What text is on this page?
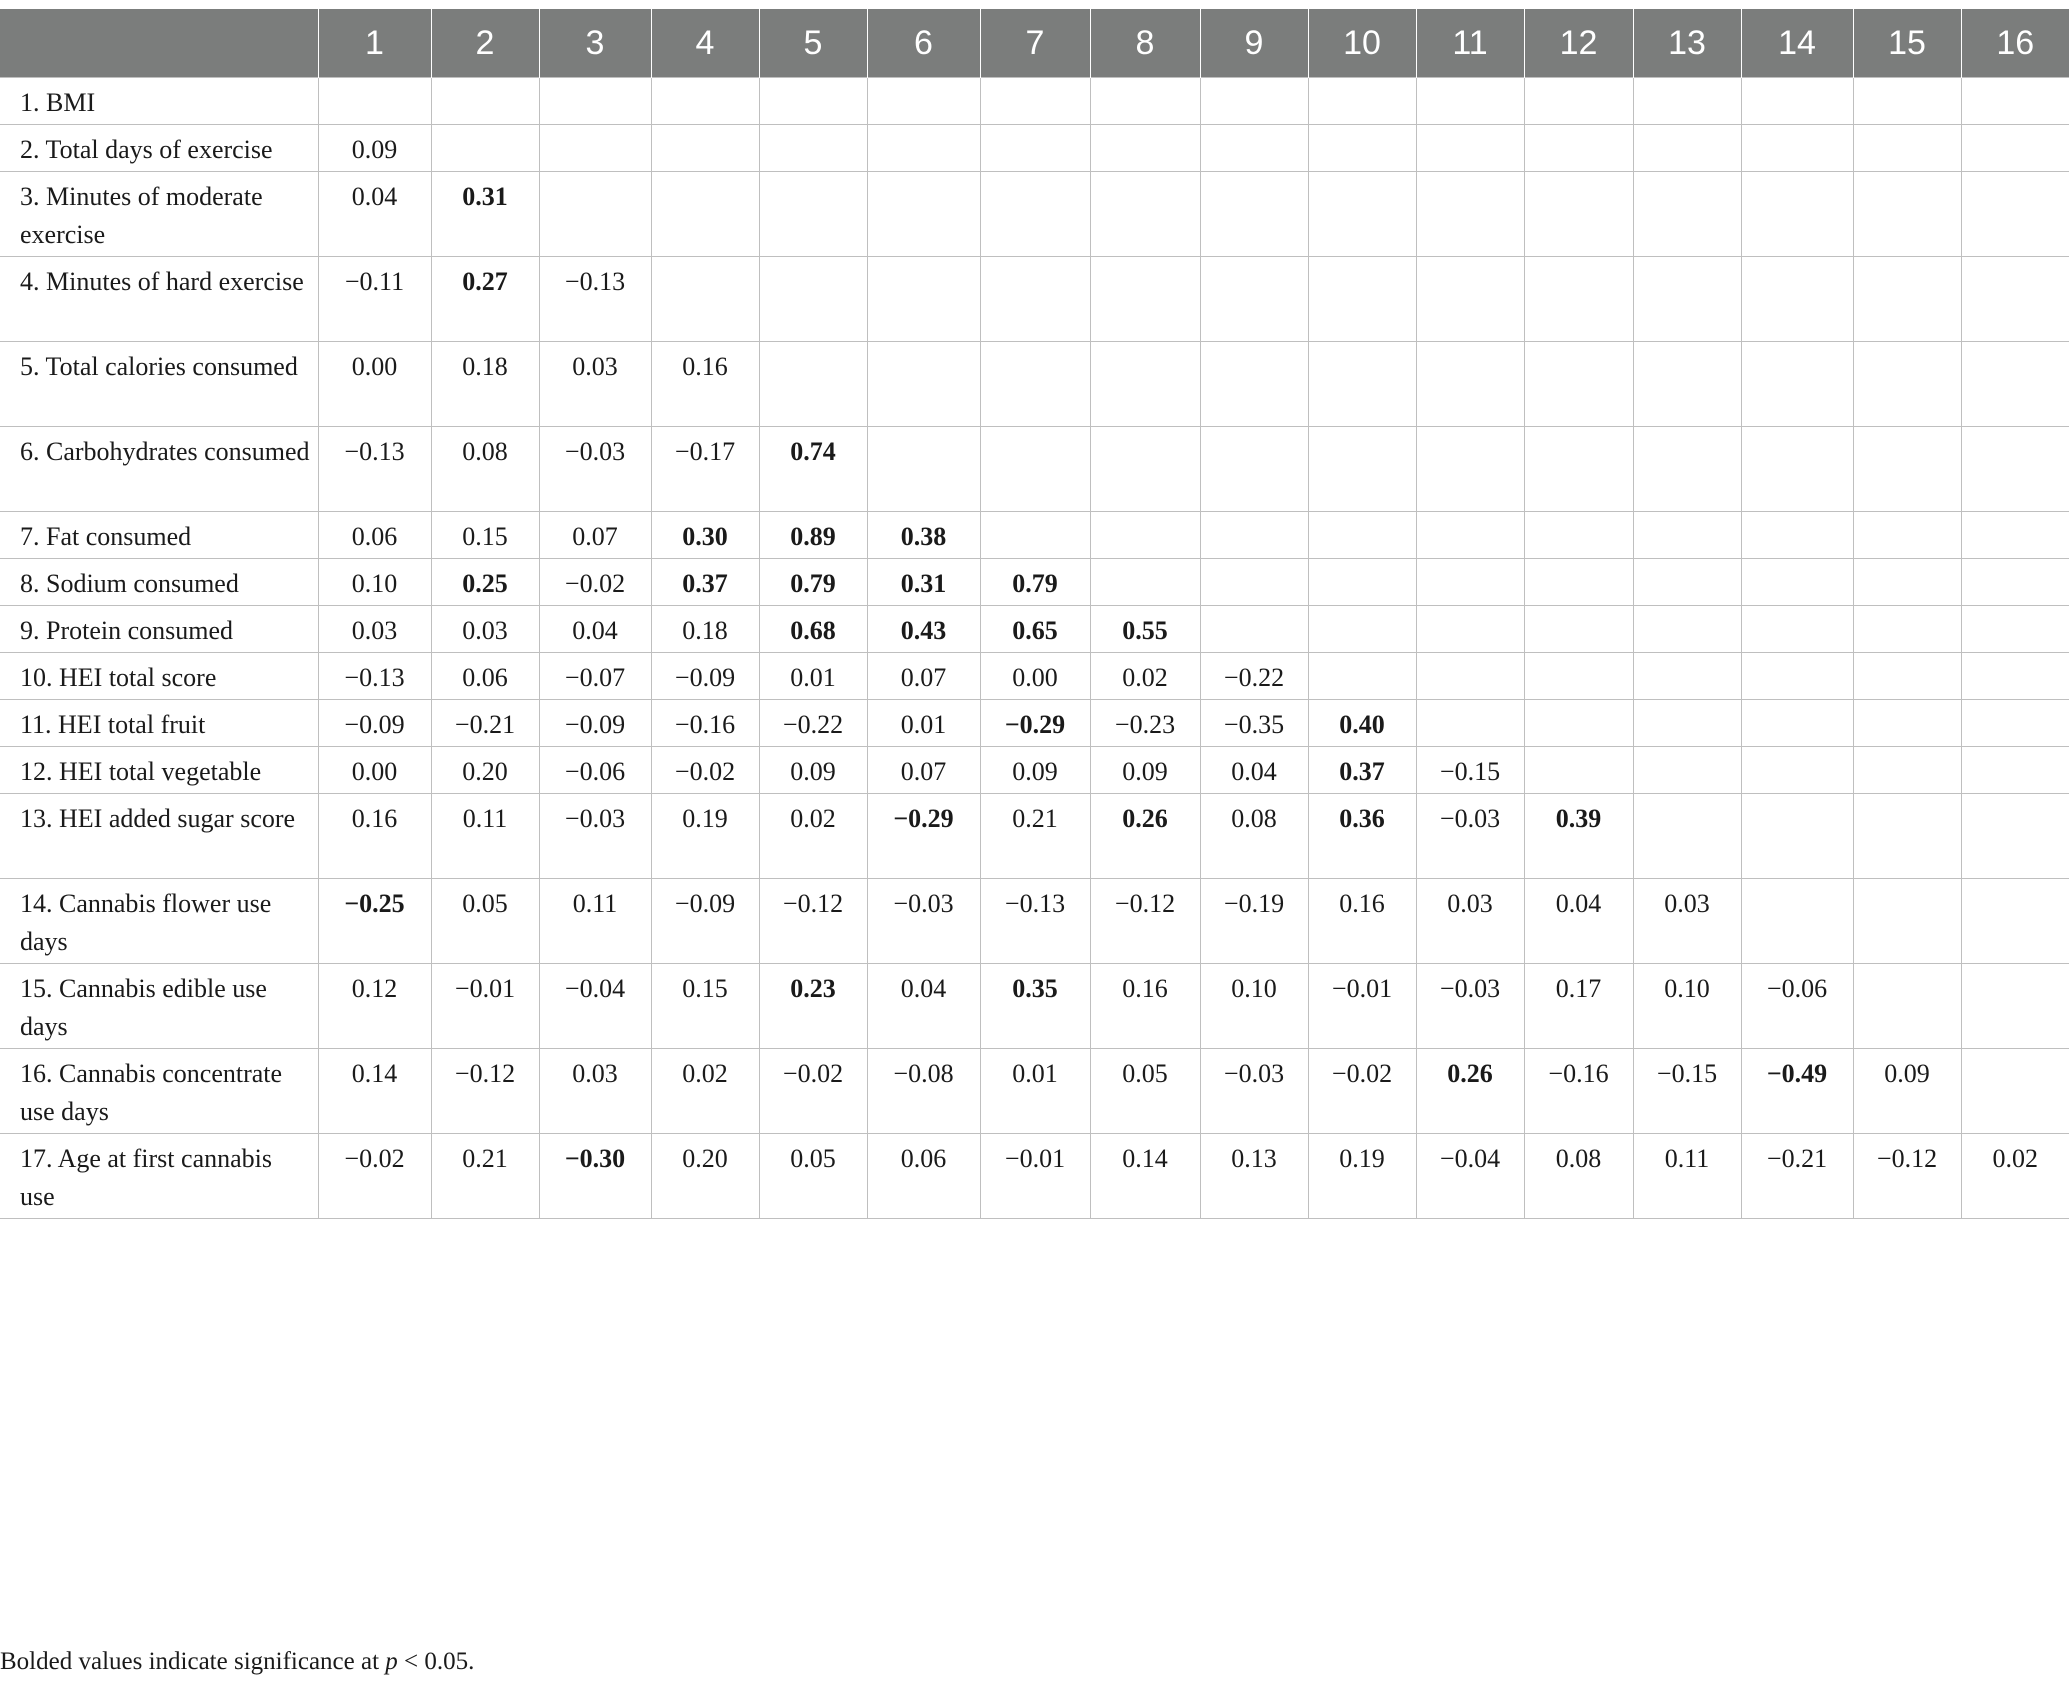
	1	2	3	4	5	6	7	8	9	10	11	12	13	14	15	16
1. BMI																
2. Total days of exercise	0.09															
3. Minutes of moderate exercise	0.04	0.31														
4. Minutes of hard exercise	−0.11	0.27	−0.13													
5. Total calories consumed	0.00	0.18	0.03	0.16												
6. Carbohydrates consumed	−0.13	0.08	−0.03	−0.17	0.74											
7. Fat consumed	0.06	0.15	0.07	0.30	0.89	0.38										
8. Sodium consumed	0.10	0.25	−0.02	0.37	0.79	0.31	0.79									
9. Protein consumed	0.03	0.03	0.04	0.18	0.68	0.43	0.65	0.55								
10. HEI total score	−0.13	0.06	−0.07	−0.09	0.01	0.07	0.00	0.02	−0.22							
11. HEI total fruit	−0.09	−0.21	−0.09	−0.16	−0.22	0.01	−0.29	−0.23	−0.35	0.40						
12. HEI total vegetable	0.00	0.20	−0.06	−0.02	0.09	0.07	0.09	0.09	0.04	0.37	−0.15					
13. HEI added sugar score	0.16	0.11	−0.03	0.19	0.02	−0.29	0.21	0.26	0.08	0.36	−0.03	0.39				
14. Cannabis flower use days	−0.25	0.05	0.11	−0.09	−0.12	−0.03	−0.13	−0.12	−0.19	0.16	0.03	0.04	0.03			
15. Cannabis edible use days	0.12	−0.01	−0.04	0.15	0.23	0.04	0.35	0.16	0.10	−0.01	−0.03	0.17	0.10	−0.06		
16. Cannabis concentrate use days	0.14	−0.12	0.03	0.02	−0.02	−0.08	0.01	0.05	−0.03	−0.02	0.26	−0.16	−0.15	−0.49	0.09	
17. Age at first cannabis use	−0.02	0.21	−0.30	0.20	0.05	0.06	−0.01	0.14	0.13	0.19	−0.04	0.08	0.11	−0.21	−0.12	0.02
Bolded values indicate significance at p < 0.05.
